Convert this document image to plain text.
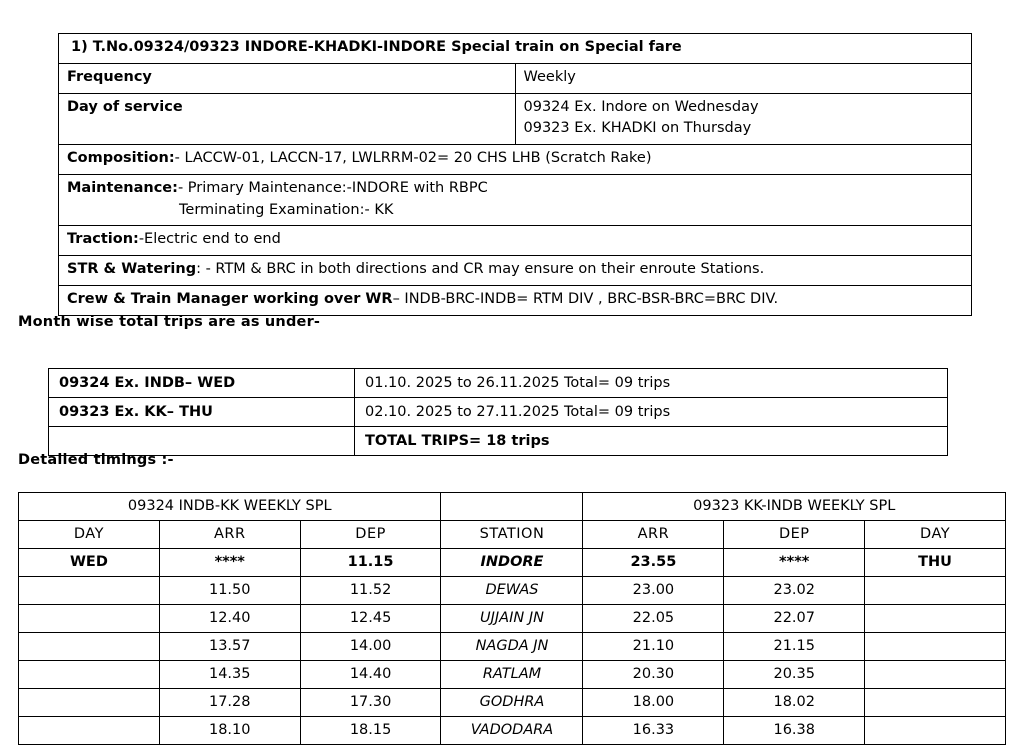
1) T.No.09324/09323 INDORE-KHADKI-INDORE Special train on Special fare	
Frequency	Weekly
Day of service	09324 Ex. Indore on Wednesday
09323 Ex. KHADKI on Thursday

Composition:- LACCW-01, LACCN-17, LWLRRM-02= 20 CHS LHB (Scratch Rake)	

Maintenance:- Primary Maintenance:-INDORE with RBPC
Terminating Examination:- KK	

Traction:-Electric end to end	
STR & Watering: - RTM & BRC in both directions and CR may ensure on their enroute Stations.	
Crew & Train Manager working over WR– INDB-BRC-INDB= RTM DIV , BRC-BSR-BRC=BRC DIV.	
Month wise total trips are as under-
09324 Ex. INDB– WED	01.10. 2025 to 26.11.2025 Total= 09 trips
09323 Ex. KK– THU	02.10. 2025 to 27.11.2025 Total= 09 trips
	TOTAL TRIPS= 18 trips
Detailed timings :-
09324 INDB-KK WEEKLY SPL				09323 KK-INDB WEEKLY SPL		
DAY	ARR	DEP	STATION	ARR	DEP	DAY
WED	****	11.15	INDORE	23.55	****	THU
	11.50	11.52	DEWAS	23.00	23.02	
	12.40	12.45	UJJAIN JN	22.05	22.07	
	13.57	14.00	NAGDA JN	21.10	21.15	
	14.35	14.40	RATLAM	20.30	20.35	
	17.28	17.30	GODHRA	18.00	18.02	
	18.10	18.15	VADODARA	16.33	16.38	
